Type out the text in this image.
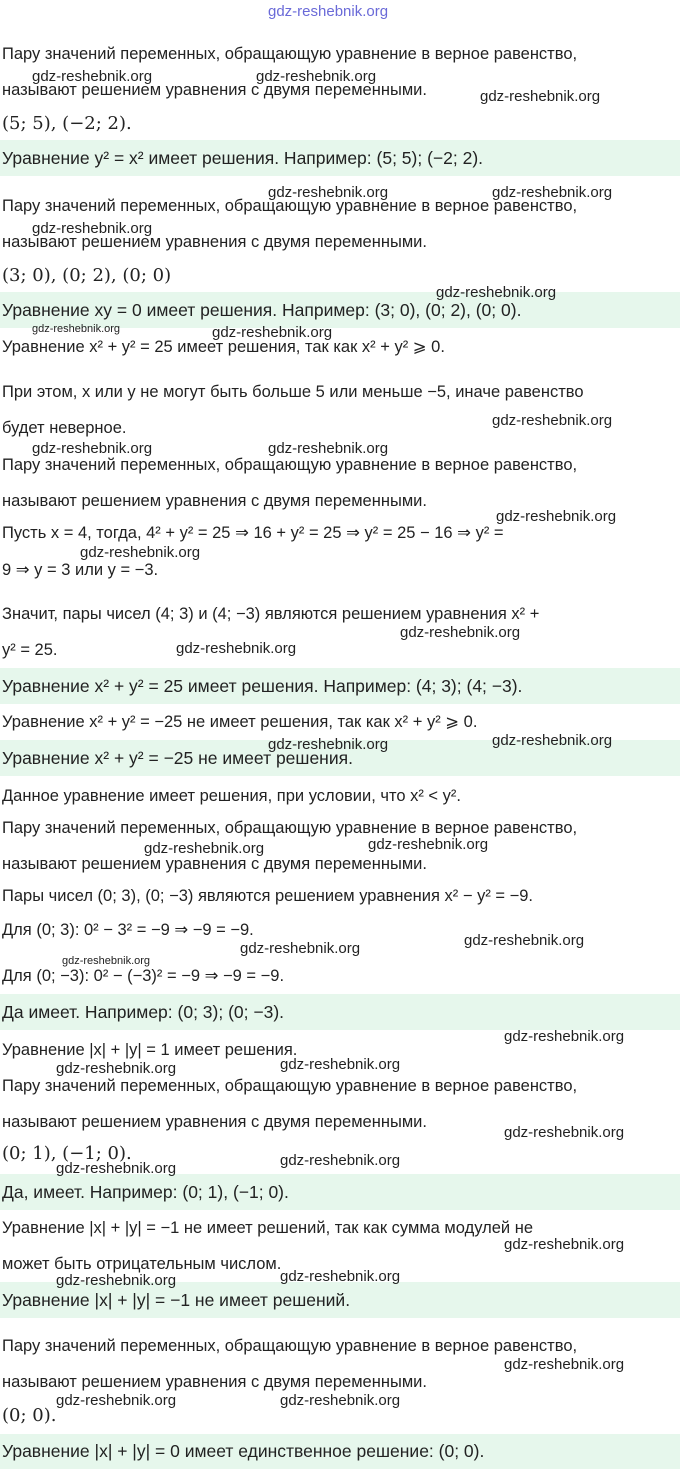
gdz-reshebnik.org
Пару значений переменных, обращающую уравнение в верное равенство,
называют решением уравнения с двумя переменными.
(5; 5), (−2; 2).
Уравнение y² = x² имеет решения. Например: (5; 5); (−2; 2).
Пару значений переменных, обращающую уравнение в верное равенство,
называют решением уравнения с двумя переменными.
(3; 0), (0; 2), (0; 0)
Уравнение xy = 0 имеет решения. Например: (3; 0), (0; 2), (0; 0).
Уравнение x² + y² = 25 имеет решения, так как x² + y² ⩾ 0.
При этом, x или y не могут быть больше 5 или меньше −5, иначе равенство
будет неверное.
Пару значений переменных, обращающую уравнение в верное равенство,
называют решением уравнения с двумя переменными.
Пусть x = 4, тогда, 4² + y² = 25 ⇒ 16 + y² = 25 ⇒ y² = 25 − 16 ⇒ y² =
9 ⇒ y = 3 или y = −3.
Значит, пары чисел (4; 3) и (4; −3) являются решением уравнения x² +
y² = 25.
Уравнение x² + y² = 25 имеет решения. Например: (4; 3); (4; −3).
Уравнение x² + y² = −25 не имеет решения, так как x² + y² ⩾ 0.
Уравнение x² + y² = −25 не имеет решения.
Данное уравнение имеет решения, при условии, что x² < y².
Пару значений переменных, обращающую уравнение в верное равенство,
называют решением уравнения с двумя переменными.
Пары чисел (0; 3), (0; −3) являются решением уравнения x² − y² = −9.
Для (0; 3): 0² − 3² = −9 ⇒ −9 = −9.
Для (0; −3): 0² − (−3)² = −9 ⇒ −9 = −9.
Да имеет. Например: (0; 3); (0; −3).
Уравнение |x| + |y| = 1 имеет решения.
Пару значений переменных, обращающую уравнение в верное равенство,
называют решением уравнения с двумя переменными.
(0; 1), (−1; 0).
Да, имеет. Например: (0; 1), (−1; 0).
Уравнение |x| + |y| = −1 не имеет решений, так как сумма модулей не
может быть отрицательным числом.
Уравнение |x| + |y| = −1 не имеет решений.
Пару значений переменных, обращающую уравнение в верное равенство,
называют решением уравнения с двумя переменными.
(0; 0).
Уравнение |x| + |y| = 0 имеет единственное решение: (0; 0).
gdz-reshebnik.org	gdz-reshebnik.org
gdz-reshebnik.org
gdz-reshebnik.org	gdz-reshebnik.org
gdz-reshebnik.org
gdz-reshebnik.org
gdz-reshebnik.org	gdz-reshebnik.org
gdz-reshebnik.org
gdz-reshebnik.org	gdz-reshebnik.org
gdz-reshebnik.org
gdz-reshebnik.org
gdz-reshebnik.org
gdz-reshebnik.org
gdz-reshebnik.org	gdz-reshebnik.org
gdz-reshebnik.org
gdz-reshebnik.org
gdz-reshebnik.org
gdz-reshebnik.org
gdz-reshebnik.org
gdz-reshebnik.org
gdz-reshebnik.org
gdz-reshebnik.org
gdz-reshebnik.org
gdz-reshebnik.org
gdz-reshebnik.org
gdz-reshebnik.org
gdz-reshebnik.org
gdz-reshebnik.org
gdz-reshebnik.org
gdz-reshebnik.org	gdz-reshebnik.org
